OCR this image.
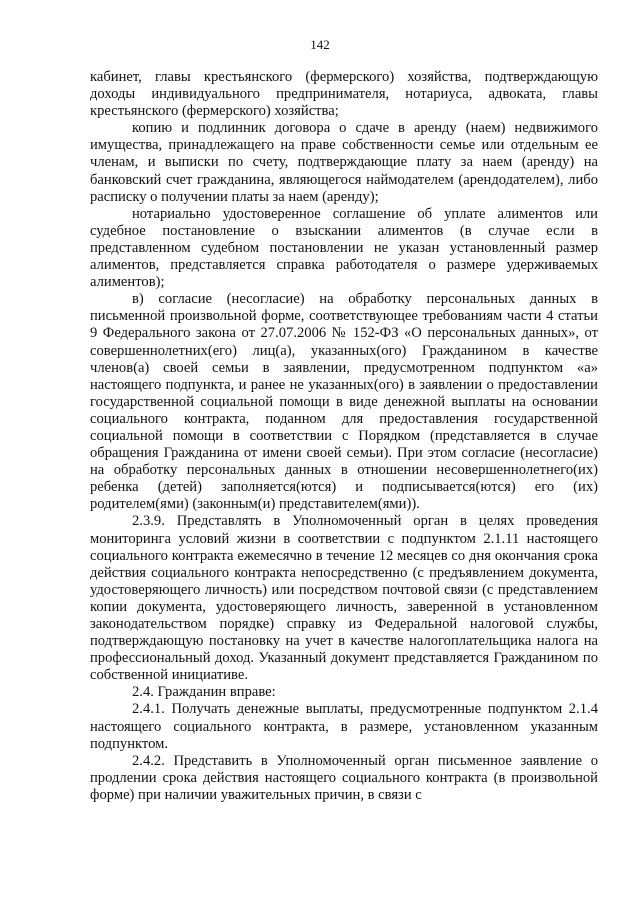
142

кабинет, главы крестьянского (фермерского) хозяйства, подтверждающую доходы индивидуального предпринимателя, нотариуса, адвоката, главы крестьянского (фермерского) хозяйства;

копию и подлинник договора о сдаче в аренду (наем) недвижимого имущества, принадлежащего на праве собственности семье или отдельным ее членам, и выписки по счету, подтверждающие плату за наем (аренду) на банковский счет гражданина, являющегося наймодателем (арендодателем), либо расписку о получении платы за наем (аренду);

нотариально удостоверенное соглашение об уплате алиментов или судебное постановление о взыскании алиментов (в случае если в представленном судебном постановлении не указан установленный размер алиментов, представляется справка работодателя о размере удерживаемых алиментов);

в) согласие (несогласие) на обработку персональных данных в письменной произвольной форме, соответствующее требованиям части 4 статьи 9 Федерального закона от 27.07.2006 № 152-ФЗ «О персональных данных», от совершеннолетних(его) лиц(а), указанных(ого) Гражданином в качестве членов(а) своей семьи в заявлении, предусмотренном подпунктом «а» настоящего подпункта, и ранее не указанных(ого) в заявлении о предоставлении государственной социальной помощи в виде денежной выплаты на основании социального контракта, поданном для предоставления государственной социальной помощи в соответствии с Порядком (представляется в случае обращения Гражданина от имени своей семьи). При этом согласие (несогласие) на обработку персональных данных в отношении несовершеннолетнего(их) ребенка (детей) заполняется(ются) и подписывается(ются) его (их) родителем(ями) (законным(и) представителем(ями)).

2.3.9. Представлять в Уполномоченный орган в целях проведения мониторинга условий жизни в соответствии с подпунктом 2.1.11 настоящего социального контракта ежемесячно в течение 12 месяцев со дня окончания срока действия социального контракта непосредственно (с предъявлением документа, удостоверяющего личность) или посредством почтовой связи (с представлением копии документа, удостоверяющего личность, заверенной в установленном законодательством порядке) справку из Федеральной налоговой службы, подтверждающую постановку на учет в качестве налогоплательщика налога на профессиональный доход. Указанный документ представляется Гражданином по собственной инициативе.

2.4. Гражданин вправе:

2.4.1. Получать денежные выплаты, предусмотренные подпунктом 2.1.4 настоящего социального контракта, в размере, установленном указанным подпунктом.

2.4.2. Представить в Уполномоченный орган письменное заявление о продлении срока действия настоящего социального контракта (в произвольной форме) при наличии уважительных причин, в связи с
